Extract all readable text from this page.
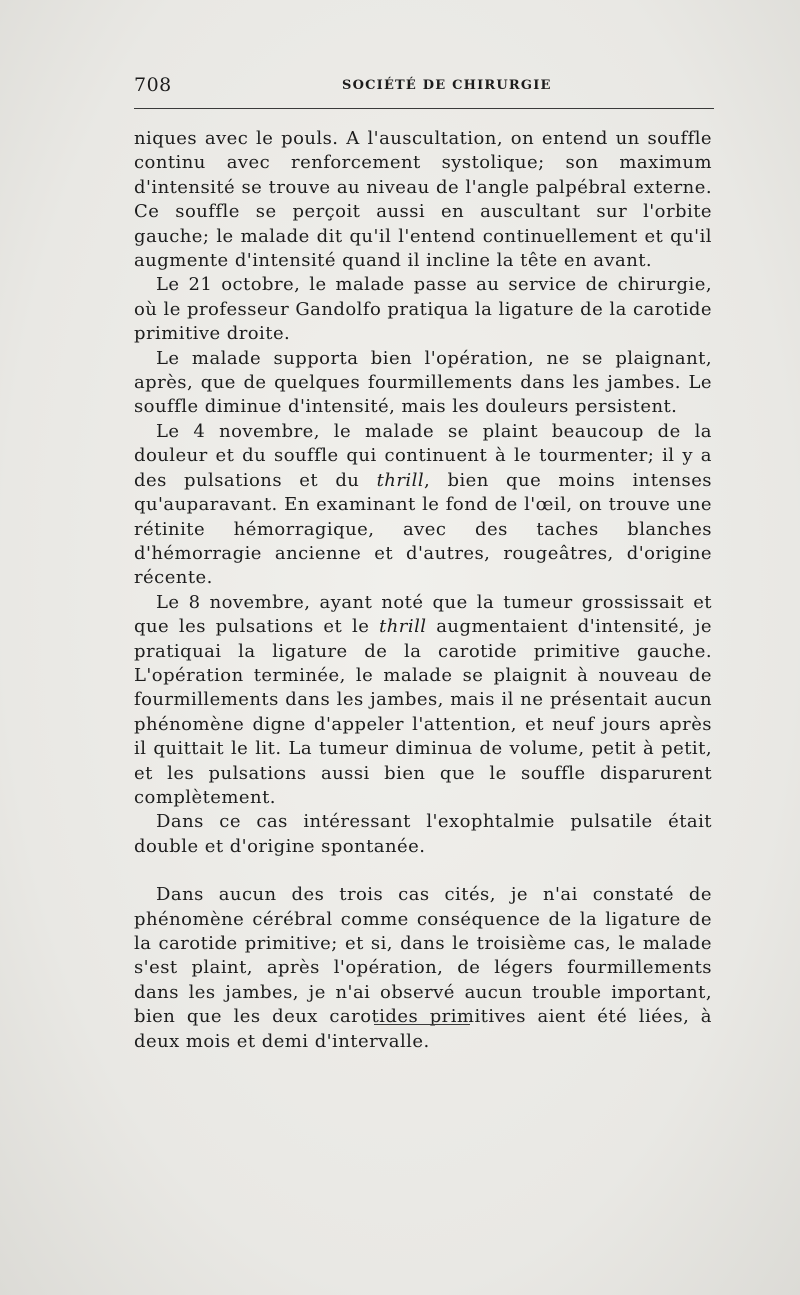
708	SOCIÉTÉ DE CHIRURGIE

niques avec le pouls. A l'auscultation, on entend un souffle continu avec renforcement systolique; son maximum d'intensité se trouve au niveau de l'angle palpébral externe. Ce souffle se perçoit aussi en auscultant sur l'orbite gauche; le malade dit qu'il l'entend continuellement et qu'il augmente d'intensité quand il incline la tête en avant.

Le 21 octobre, le malade passe au service de chirurgie, où le professeur Gandolfo pratiqua la ligature de la carotide primitive droite.

Le malade supporta bien l'opération, ne se plaignant, après, que de quelques fourmillements dans les jambes. Le souffle diminue d'intensité, mais les douleurs persistent.

Le 4 novembre, le malade se plaint beaucoup de la douleur et du souffle qui continuent à le tourmenter; il y a des pulsations et du thrill, bien que moins intenses qu'auparavant. En examinant le fond de l'œil, on trouve une rétinite hémorragique, avec des taches blanches d'hémorragie ancienne et d'autres, rougeâtres, d'origine récente.

Le 8 novembre, ayant noté que la tumeur grossissait et que les pulsations et le thrill augmentaient d'intensité, je pratiquai la ligature de la carotide primitive gauche. L'opération terminée, le malade se plaignit à nouveau de fourmillements dans les jambes, mais il ne présentait aucun phénomène digne d'appeler l'attention, et neuf jours après il quittait le lit. La tumeur diminua de volume, petit à petit, et les pulsations aussi bien que le souffle disparurent complètement.

Dans ce cas intéressant l'exophtalmie pulsatile était double et d'origine spontanée.

Dans aucun des trois cas cités, je n'ai constaté de phénomène cérébral comme conséquence de la ligature de la carotide primitive; et si, dans le troisième cas, le malade s'est plaint, après l'opération, de légers fourmillements dans les jambes, je n'ai observé aucun trouble important, bien que les deux carotides primitives aient été liées, à deux mois et demi d'intervalle.
